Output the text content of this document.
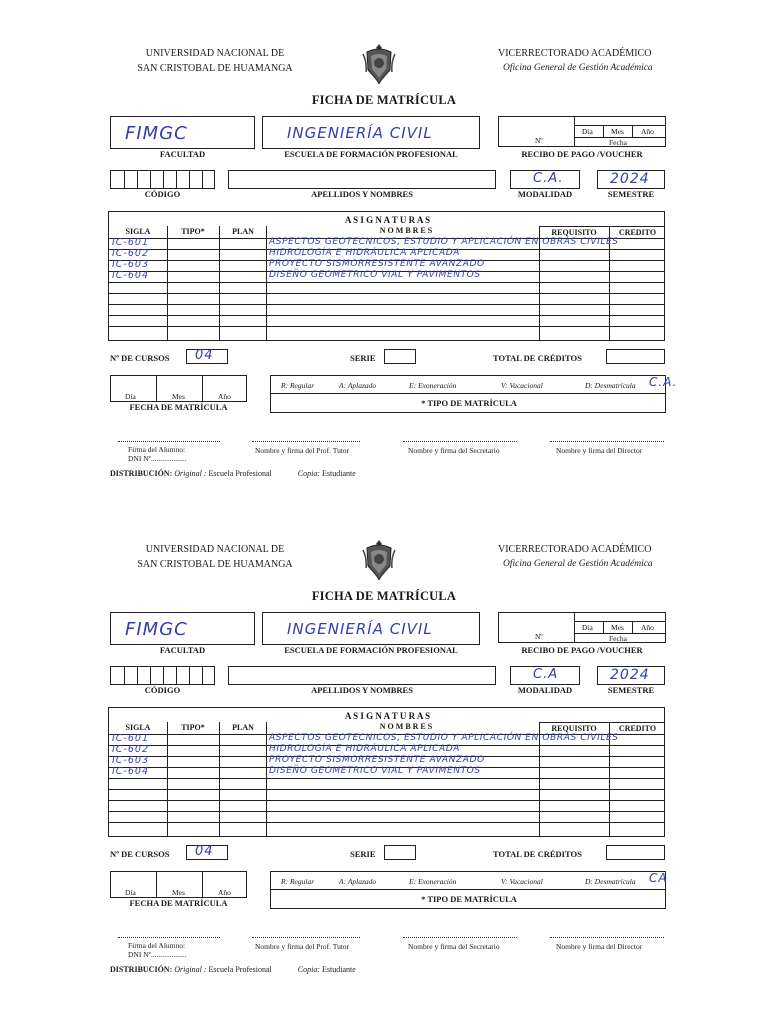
UNIVERSIDAD NACIONAL DE
SAN CRISTOBAL DE HUAMANGA
VICERRECTORADO ACADÉMICO
Oficina General de Gestión Académica
FICHA DE MATRÍCULA
FIMGC
FACULTAD
INGENIERÍA CIVIL
ESCUELA DE FORMACIÓN PROFESIONAL
Día Mes Año
Nº	Fecha
RECIBO DE PAGO /VOUCHER
CÓDIGO	APELLIDOS Y NOMBRES
C.A.
MODALIDAD
2024
SEMESTRE
A S I G N A T U R A S
N O M B R E S
SIGLA	TIPO*	PLAN	REQUISITO	CREDITO
IC-601	ASPECTOS GEOTECNICOS, ESTUDIO Y APLICACIÓN EN OBRAS CIVILES
IC-602	HIDROLOGÍA E HIDRÁULICA APLICADA
IC-603	PROYECTO SISMORRESISTENTE AVANZADO
IC-604	DISEÑO GEOMETRICO VIAL Y PAVIMENTOS
Nº DE CURSOS 04	SERIE	TOTAL DE CRÉDITOS
Día	Mes	Año
FECHA DE MATRÍCULA
R: Regular	A: Aplazado	E: Exoneración	V: Vacacional	D: Desmatrícula C.A.
* TIPO DE MATRÍCULA
Firma del Alumno:
DNI Nº...................
Nombre y firma del Prof. Tutor	Nombre y firma del Secretario	Nombre y firma del Director
DISTRIBUCIÓN: Original : Escuela Profesional	Copia: Estudiante
UNIVERSIDAD NACIONAL DE
SAN CRISTOBAL DE HUAMANGA
VICERRECTORADO ACADÉMICO
Oficina General de Gestión Académica
FICHA DE MATRÍCULA
FIMGC
FACULTAD
INGENIERÍA CIVIL
ESCUELA DE FORMACIÓN PROFESIONAL
Día Mes Año
Nº	Fecha
RECIBO DE PAGO /VOUCHER
CÓDIGO	APELLIDOS Y NOMBRES
C.A
MODALIDAD
2024
SEMESTRE
A S I G N A T U R A S
N O M B R E S
SIGLA	TIPO*	PLAN	REQUISITO	CREDITO
IC-601	ASPECTOS GEOTECNICOS, ESTUDIO Y APLICACIÓN EN OBRAS CIVILES
IC-602	HIDROLOGÍA E HIDRÁULICA APLICADA
IC-603	PROYECTO SISMORRESISTENTE AVANZADO
IC-604	DISEÑO GEOMETRICO VIAL Y PAVIMENTOS
Nº DE CURSOS 04	SERIE	TOTAL DE CRÉDITOS
Día	Mes	Año
FECHA DE MATRÍCULA
R: Regular	A: Aplazado	E: Exoneración	V: Vacacional	D: Desmatrícula CA
* TIPO DE MATRÍCULA
Firma del Alumno:
DNI Nº...................
Nombre y firma del Prof. Tutor	Nombre y firma del Secretario	Nombre y firma del Director
DISTRIBUCIÓN: Original : Escuela Profesional	Copia: Estudiante
